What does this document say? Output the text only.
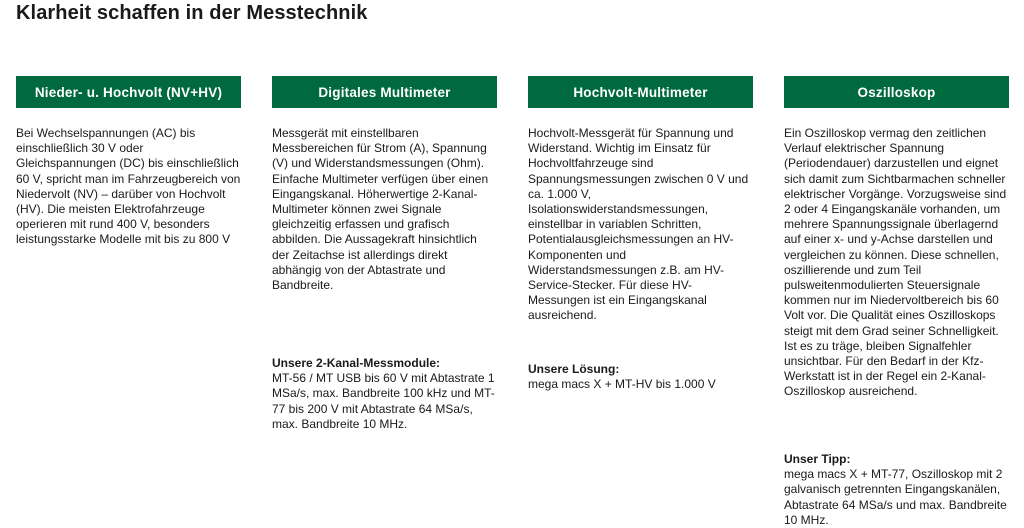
Klarheit schaffen in der Messtechnik
Nieder- u. Hochvolt (NV+HV)

Bei Wechselspannungen (AC) bis einschließlich 30 V oder Gleichspannungen (DC) bis einschließlich 60 V, spricht man im Fahrzeugbereich von Niedervolt (NV) – darüber von Hochvolt (HV). Die meisten Elektrofahrzeuge operieren mit rund 400 V, besonders leistungsstarke Modelle mit bis zu 800 V

Digitales Multimeter

Messgerät mit einstellbaren Messbereichen für Strom (A), Spannung (V) und Widerstandsmessungen (Ohm). Einfache Multimeter verfügen über einen Eingangskanal. Höherwertige 2-Kanal-Multimeter können zwei Signale gleichzeitig erfassen und grafisch abbilden. Die Aussagekraft hinsichtlich der Zeitachse ist allerdings direkt abhängig von der Abtastrate und Bandbreite.

Unsere 2-Kanal-Messmodule:

MT-56 / MT USB bis 60 V mit Abtastrate 1 MSa/s, max. Bandbreite 100 kHz und MT-77 bis 200 V mit Abtastrate 64 MSa/s, max. Bandbreite 10 MHz.

Hochvolt-Multimeter

Hochvolt-Messgerät für Spannung und Widerstand. Wichtig im Einsatz für Hochvoltfahrzeuge sind Spannungsmessungen zwischen 0 V und ca. 1.000 V, Isolationswiderstandsmessungen, einstellbar in variablen Schritten, Potentialausgleichsmessungen an HV-Komponenten und Widerstandsmessungen z.B. am HV-Service-Stecker. Für diese HV-Messungen ist ein Eingangskanal ausreichend.

Unsere Lösung:

mega macs X + MT-HV bis 1.000 V

Oszilloskop

Ein Oszilloskop vermag den zeitlichen Verlauf elektrischer Spannung (Periodendauer) darzustellen und eignet sich damit zum Sichtbarmachen schneller elektrischer Vorgänge. Vorzugsweise sind 2 oder 4 Eingangskanäle vorhanden, um mehrere Spannungssignale überlagernd auf einer x- und y-Achse darstellen und vergleichen zu können. Diese schnellen, oszillierende und zum Teil pulsweitenmodulierten Steuersignale kommen nur im Niedervoltbereich bis 60 Volt vor. Die Qualität eines Oszilloskops steigt mit dem Grad seiner Schnelligkeit. Ist es zu träge, bleiben Signalfehler unsichtbar. Für den Bedarf in der Kfz-Werkstatt ist in der Regel ein 2-Kanal-Oszilloskop ausreichend.

Unser Tipp:

mega macs X + MT-77, Oszilloskop mit 2 galvanisch getrennten Eingangskanälen, Abtastrate 64 MSa/s und max. Bandbreite 10 MHz.
